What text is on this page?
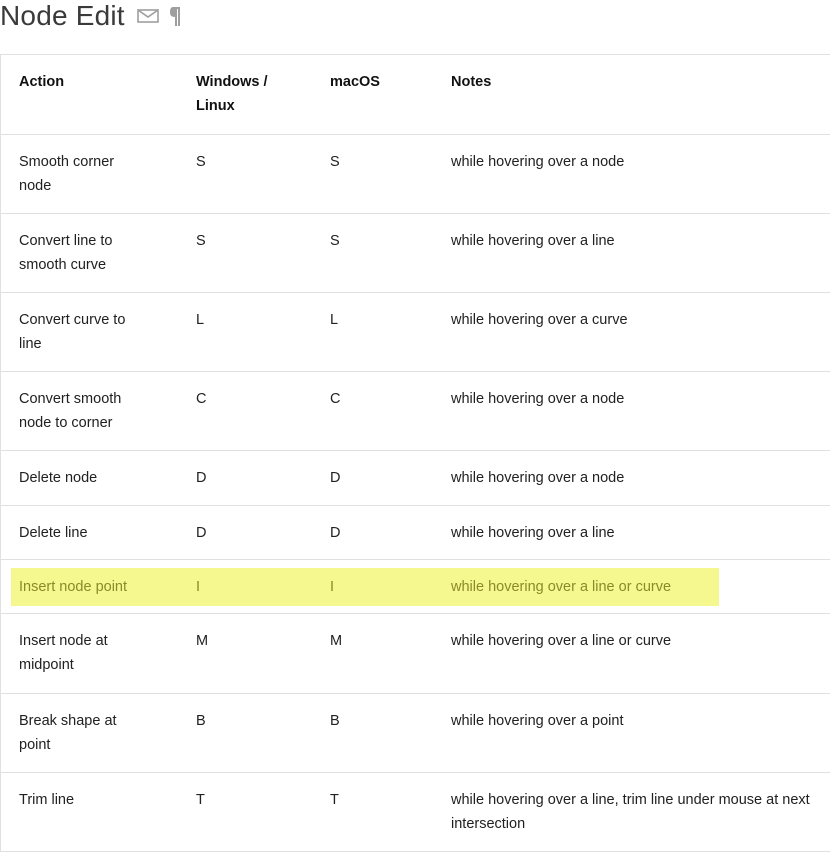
Node Edit
Action	Windows / Linux	macOS	Notes

Smooth corner node	S	S	while hovering over a node

Convert line to smooth curve	S	S	while hovering over a line

Convert curve to line	L	L	while hovering over a curve

Convert smooth node to corner	C	C	while hovering over a node

Delete node	D	D	while hovering over a node

Delete line	D	D	while hovering over a line

Insert node point	I	I	while hovering over a line or curve

Insert node at midpoint	M	M	while hovering over a line or curve

Break shape at point	B	B	while hovering over a point

Trim line	T	T	while hovering over a line, trim line under mouse at next intersection
